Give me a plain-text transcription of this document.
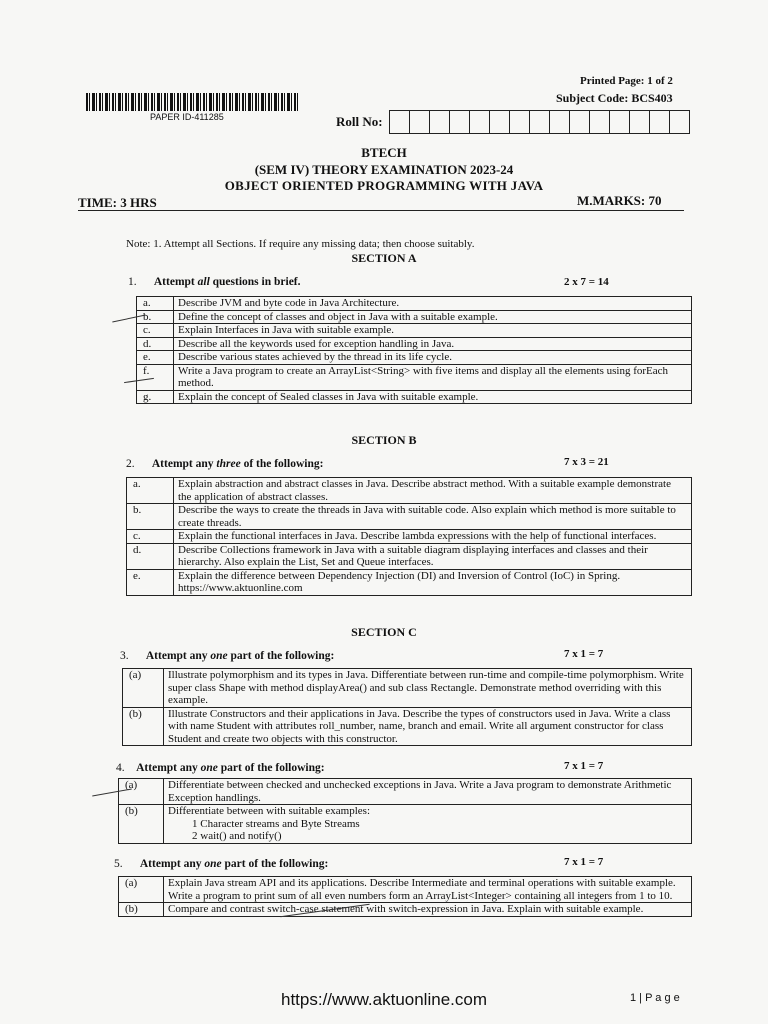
PAPER ID-411285
Printed Page: 1 of 2
Subject Code: BCS403
Roll No:
BTECH
(SEM IV) THEORY EXAMINATION 2023-24
OBJECT ORIENTED PROGRAMMING WITH JAVA
TIME: 3 HRS	M.MARKS: 70
Note: 1. Attempt all Sections. If require any missing data; then choose suitably.
SECTION A
1. Attempt all questions in brief.	2 x 7 = 14
a.	Describe JVM and byte code in Java Architecture.
b.	Define the concept of classes and object in Java with a suitable example.
c.	Explain Interfaces in Java with suitable example.
d.	Describe all the keywords used for exception handling in Java.
e.	Describe various states achieved by the thread in its life cycle.
f.	Write a Java program to create an ArrayList<String> with five items and display all the elements using forEach method.
g.	Explain the concept of Sealed classes in Java with suitable example.
SECTION B
2. Attempt any three of the following:	7 x 3 = 21
a.	Explain abstraction and abstract classes in Java. Describe abstract method. With a suitable example demonstrate the application of abstract classes.
b.	Describe the ways to create the threads in Java with suitable code. Also explain which method is more suitable to create threads.
c.	Explain the functional interfaces in Java. Describe lambda expressions with the help of functional interfaces.
d.	Describe Collections framework in Java with a suitable diagram displaying interfaces and classes and their hierarchy. Also explain the List, Set and Queue interfaces.
e.	Explain the difference between Dependency Injection (DI) and Inversion of Control (IoC) in Spring. https://www.aktuonline.com
SECTION C
3. Attempt any one part of the following:	7 x 1 = 7
(a)	Illustrate polymorphism and its types in Java. Differentiate between run-time and compile-time polymorphism. Write super class Shape with method displayArea() and sub class Rectangle. Demonstrate method overriding with this example.
(b)	Illustrate Constructors and their applications in Java. Describe the types of constructors used in Java. Write a class with name Student with attributes roll_number, name, branch and email. Write all argument constructor for class Student and create two objects with this constructor.
4. Attempt any one part of the following:	7 x 1 = 7
(a)	Differentiate between checked and unchecked exceptions in Java. Write a Java program to demonstrate Arithmetic Exception handlings.
(b)	Differentiate between with suitable examples:
1 Character streams and Byte Streams
2 wait() and notify()
5. Attempt any one part of the following:	7 x 1 = 7
(a)	Explain Java stream API and its applications. Describe Intermediate and terminal operations with suitable example. Write a program to print sum of all even numbers form an ArrayList<Integer> containing all integers from 1 to 10.
(b)	Compare and contrast switch-case statement with switch-expression in Java. Explain with suitable example.
https://www.aktuonline.com	1 | P a g e
